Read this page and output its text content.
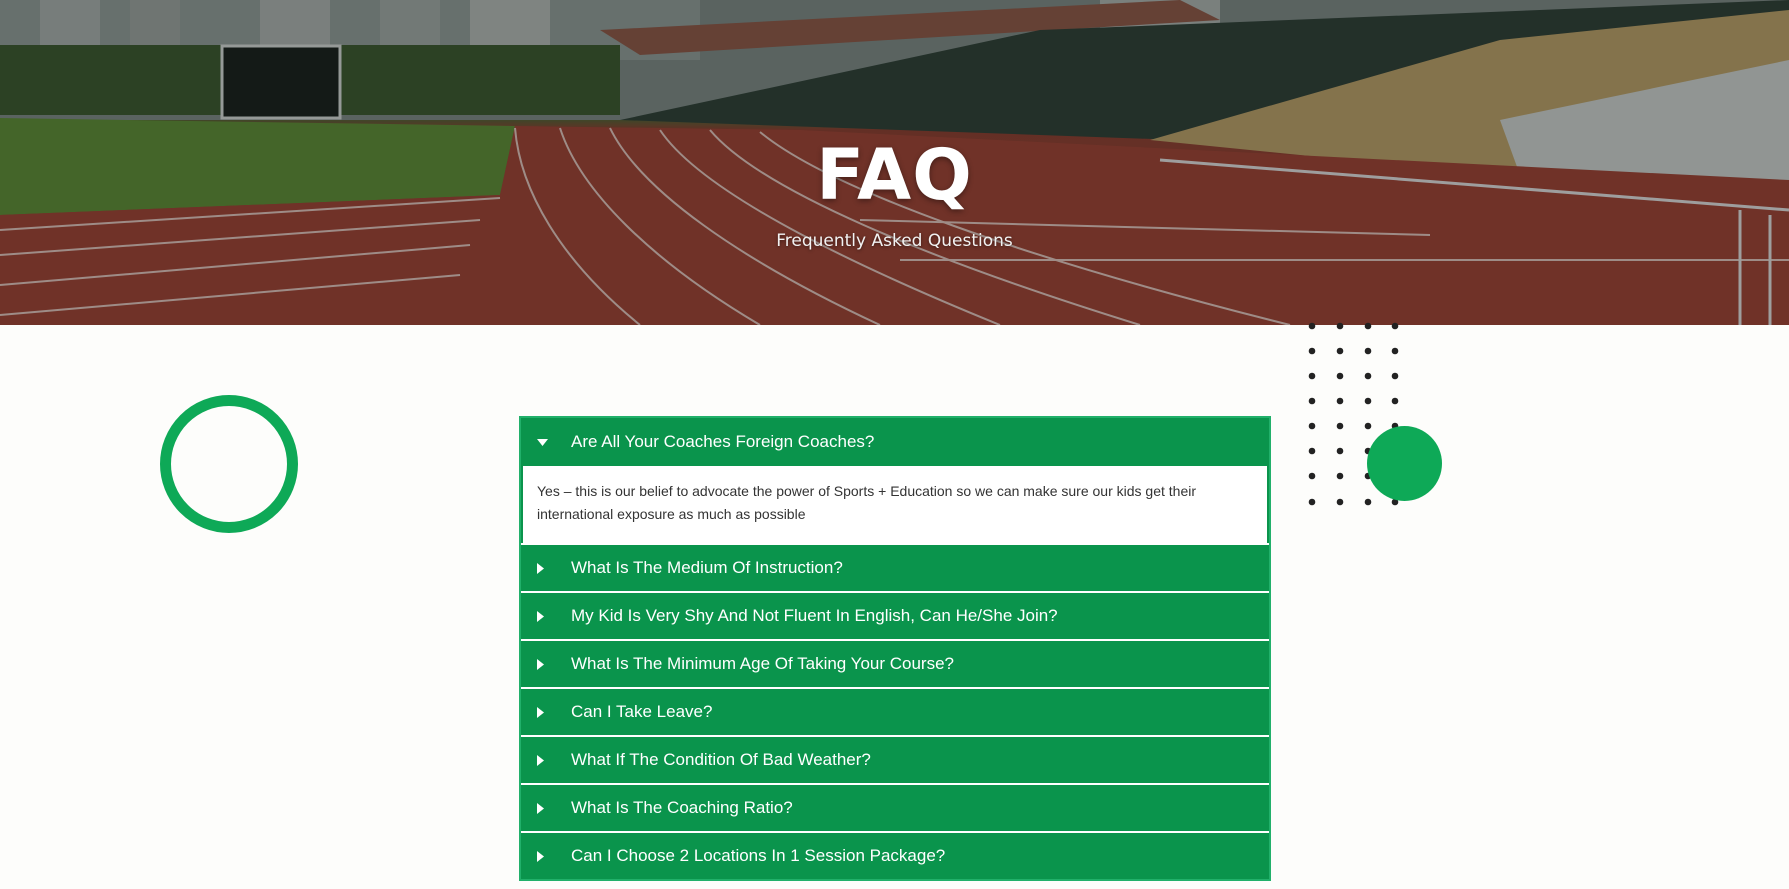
FAQ
Frequently Asked Questions
Are All Your Coaches Foreign Coaches?
Yes – this is our belief to advocate the power of Sports + Education so we can make sure our kids get their international exposure as much as possible
What Is The Medium Of Instruction?
My Kid Is Very Shy And Not Fluent In English, Can He/She Join?
What Is The Minimum Age Of Taking Your Course?
Can I Take Leave?
What If The Condition Of Bad Weather?
What Is The Coaching Ratio?
Can I Choose 2 Locations In 1 Session Package?
